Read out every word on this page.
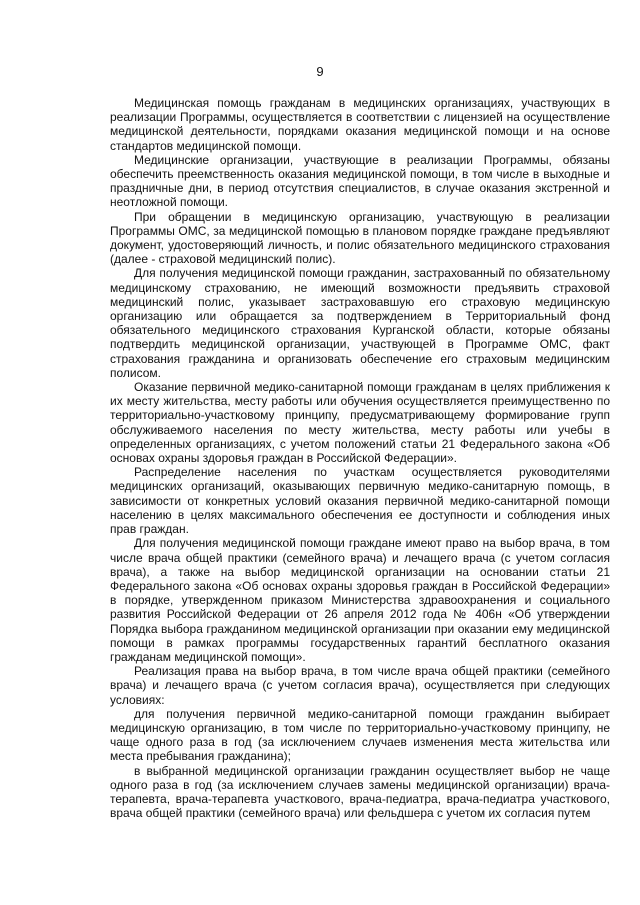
9

Медицинская помощь гражданам в медицинских организациях, участвующих в реализации Программы, осуществляется в соответствии с лицензией на осуществление медицинской деятельности, порядками оказания медицинской помощи и на основе стандартов медицинской помощи.

Медицинские организации, участвующие в реализации Программы, обязаны обеспечить преемственность оказания медицинской помощи, в том числе в выходные и праздничные дни, в период отсутствия специалистов, в случае оказания экстренной и неотложной помощи.

При обращении в медицинскую организацию, участвующую в реализации Программы ОМС, за медицинской помощью в плановом порядке граждане предъявляют документ, удостоверяющий личность, и полис обязательного медицинского страхования (далее - страховой медицинский полис).

Для получения медицинской помощи гражданин, застрахованный по обязательному медицинскому страхованию, не имеющий возможности предъявить страховой медицинский полис, указывает застраховавшую его страховую медицинскую организацию или обращается за подтверждением в Территориальный фонд обязательного медицинского страхования Курганской области, которые обязаны подтвердить медицинской организации, участвующей в Программе ОМС, факт страхования гражданина и организовать обеспечение его страховым медицинским полисом.

Оказание первичной медико-санитарной помощи гражданам в целях приближения к их месту жительства, месту работы или обучения осуществляется преимущественно по территориально-участковому принципу, предусматривающему формирование групп обслуживаемого населения по месту жительства, месту работы или учебы в определенных организациях, с учетом положений статьи 21 Федерального закона «Об основах охраны здоровья граждан в Российской Федерации».

Распределение населения по участкам осуществляется руководителями медицинских организаций, оказывающих первичную медико-санитарную помощь, в зависимости от конкретных условий оказания первичной медико-санитарной помощи населению в целях максимального обеспечения ее доступности и соблюдения иных прав граждан.

Для получения медицинской помощи граждане имеют право на выбор врача, в том числе врача общей практики (семейного врача) и лечащего врача (с учетом согласия врача), а также на выбор медицинской организации на основании статьи 21 Федерального закона «Об основах охраны здоровья граждан в Российской Федерации» в порядке, утвержденном приказом Министерства здравоохранения и социального развития Российской Федерации от 26 апреля 2012 года № 406н «Об утверждении Порядка выбора гражданином медицинской организации при оказании ему медицинской помощи в рамках программы государственных гарантий бесплатного оказания гражданам медицинской помощи».

Реализация права на выбор врача, в том числе врача общей практики (семейного врача) и лечащего врача (с учетом согласия врача), осуществляется при следующих условиях:

для получения первичной медико-санитарной помощи гражданин выбирает медицинскую организацию, в том числе по территориально-участковому принципу, не чаще одного раза в год (за исключением случаев изменения места жительства или места пребывания гражданина);

в выбранной медицинской организации гражданин осуществляет выбор не чаще одного раза в год (за исключением случаев замены медицинской организации) врача-терапевта, врача-терапевта участкового, врача-педиатра, врача-педиатра участкового, врача общей практики (семейного врача) или фельдшера с учетом их согласия путем
